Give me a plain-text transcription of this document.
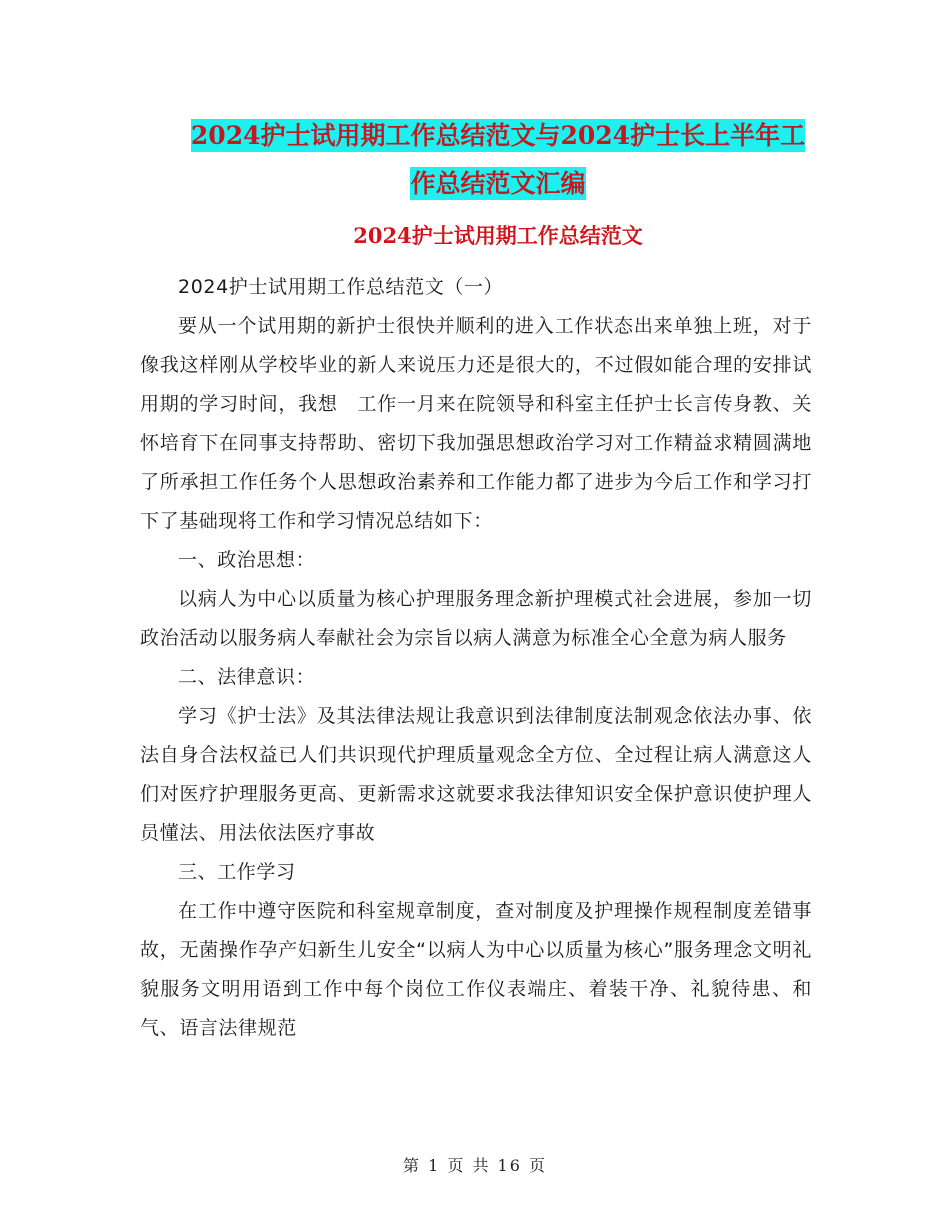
2024护士试用期工作总结范文与2024护士长上半年工
作总结范文汇编
2024护士试用期工作总结范文

2024护士试用期工作总结范文（一）

要从一个试用期的新护士很快并顺利的进入工作状态出来单独上班，对于像我这样刚从学校毕业的新人来说压力还是很大的，不过假如能合理的安排试用期的学习时间，我想　工作一月来在院领导和科室主任护士长言传身教、关怀培育下在同事支持帮助、密切下我加强思想政治学习对工作精益求精圆满地了所承担工作任务个人思想政治素养和工作能力都了进步为今后工作和学习打下了基础现将工作和学习情况总结如下：

一、政治思想：

以病人为中心以质量为核心护理服务理念新护理模式社会进展，参加一切政治活动以服务病人奉献社会为宗旨以病人满意为标准全心全意为病人服务

二、法律意识：

学习《护士法》及其法律法规让我意识到法律制度法制观念依法办事、依法自身合法权益已人们共识现代护理质量观念全方位、全过程让病人满意这人们对医疗护理服务更高、更新需求这就要求我法律知识安全保护意识使护理人员懂法、用法依法医疗事故

三、工作学习

在工作中遵守医院和科室规章制度，查对制度及护理操作规程制度差错事故，无菌操作孕产妇新生儿安全“以病人为中心以质量为核心”服务理念文明礼貌服务文明用语到工作中每个岗位工作仪表端庄、着装干净、礼貌待患、和气、语言法律规范

第 1 页 共 16 页
